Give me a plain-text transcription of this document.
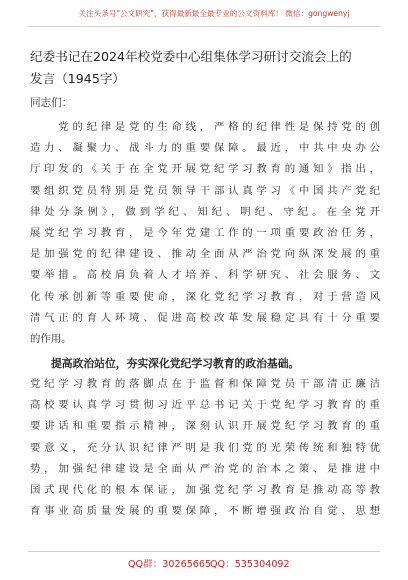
关注头条号"公文研究"，获得最新最全最专业的公文资料库！ 微信：gongwenyj
纪委书记在2024年校党委中心组集体学习研讨交流会上的
发言（1945字）
同志们：
　　党的纪律是党的生命线，严格的纪律性是保持党的创
造力、凝聚力、战斗力的重要保障。最近，中共中央办公
厅印发的《关于在全党开展党纪学习教育的通知》指出，
要组织党员特别是党员领导干部认真学习《中国共产党纪
律处分条例》，做到学纪、知纪、明纪、守纪。在全党开
展党纪学习教育，是今年党建工作的一项重要政治任务，
是加强党的纪律建设、推动全面从严治党向纵深发展的重
要举措。高校肩负着人才培养、科学研究、社会服务、文
化传承创新等重要使命，深化党纪学习教育，对于营造风
清气正的育人环境、促进高校改革发展稳定具有十分重要
的作用。
提高政治站位，夯实深化党纪学习教育的政治基础。
党纪学习教育的落脚点在于监督和保障党员干部清正廉洁
高校要认真学习贯彻习近平总书记关于党纪学习教育的重
要讲话和重要指示精神，深刻认识开展党纪学习教育的重
要意义，充分认识纪律严明是我们党的光荣传统和独特优
势，加强纪律建设是全面从严治党的治本之策、是推进中
国式现代化的根本保证，加强党纪学习教育是推动高等教
育事业高质量发展的重要保障，不断增强政治自觉、思想
QQ群：30265665
QQ：535304092
